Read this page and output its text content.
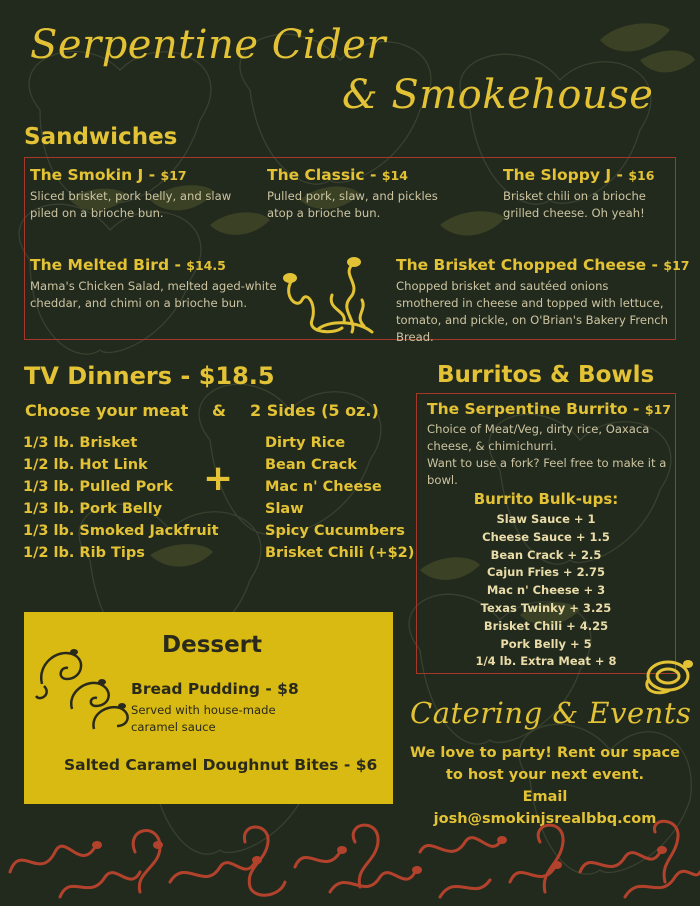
Serpentine Cider
& Smokehouse
Sandwiches
The Smokin J - $17
Sliced brisket, pork belly, and slaw piled on a brioche bun.
The Classic - $14
Pulled pork, slaw, and pickles atop a brioche bun.
The Sloppy J - $16
Brisket chili on a brioche grilled cheese. Oh yeah!
The Melted Bird - $14.5
Mama's Chicken Salad, melted aged-white cheddar, and chimi on a brioche bun.
The Brisket Chopped Cheese - $17
Chopped brisket and sautéed onions smothered in cheese and topped with lettuce, tomato, and pickle, on O'Brian's Bakery French Bread.
TV Dinners - $18.5
Choose your meat & 2 Sides (5 oz.)
1/3 lb. Brisket
1/2 lb. Hot Link
1/3 lb. Pulled Pork
1/3 lb. Pork Belly
1/3 lb. Smoked Jackfruit
1/2 lb. Rib Tips
+
Dirty Rice
Bean Crack
Mac n' Cheese
Slaw
Spicy Cucumbers
Brisket Chili (+$2)
Burritos & Bowls
The Serpentine Burrito - $17
Choice of Meat/Veg, dirty rice, Oaxaca cheese, & chimichurri.
Want to use a fork? Feel free to make it a bowl.
Burrito Bulk-ups:
Slaw Sauce + 1
Cheese Sauce + 1.5
Bean Crack + 2.5
Cajun Fries + 2.75
Mac n' Cheese + 3
Texas Twinky + 3.25
Brisket Chili + 4.25
Pork Belly + 5
1/4 lb. Extra Meat + 8
Dessert
Bread Pudding - $8
Served with house-made caramel sauce
Salted Caramel Doughnut Bites - $6
Catering & Events
We love to party! Rent our space
to host your next event.
Email josh@smokinjsrealbbq.com
